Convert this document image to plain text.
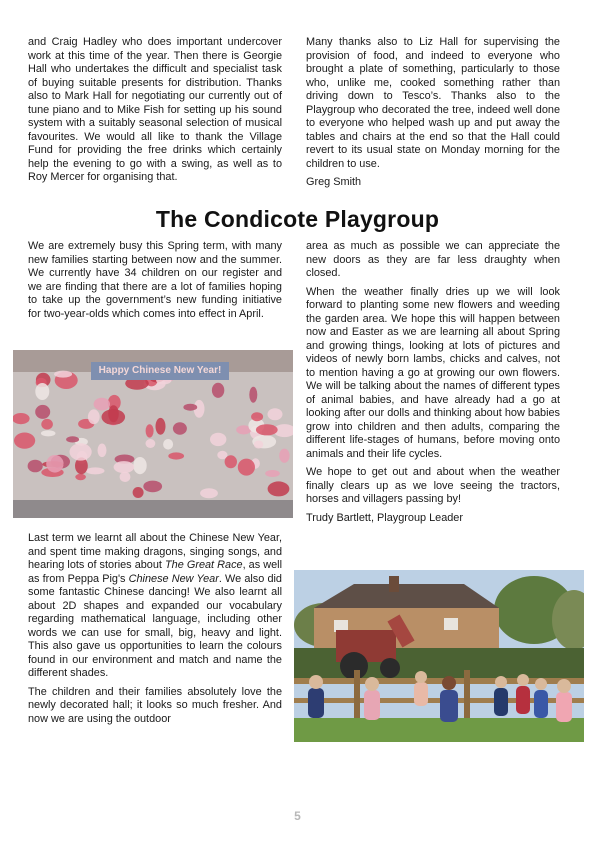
and Craig Hadley who does important undercover work at this time of the year. Then there is Georgie Hall who undertakes the difficult and specialist task of buying suitable presents for distribution. Thanks also to Mark Hall for negotiating our currently out of tune piano and to Mike Fish for setting up his sound system with a suitably seasonal selection of musical favourites. We would all like to thank the Village Fund for providing the free drinks which certainly help the evening to go with a swing, as well as to Roy Mercer for organising that.

Many thanks also to Liz Hall for supervising the provision of food, and indeed to everyone who brought a plate of something, particularly to those who, unlike me, cooked something rather than driving down to Tesco’s. Thanks also to the Playgroup who decorated the tree, indeed well done to everyone who helped wash up and put away the tables and chairs at the end so that the Hall could revert to its usual state on Monday morning for the children to use.

Greg Smith

The Condicote Playgroup

We are extremely busy this Spring term, with many new families starting between now and the summer. We currently have 34 children on our register and we are finding that there are a lot of families hoping to take up the government’s new funding initiative for two-year-olds which comes into effect in April.

Happy Chinese New Year!

Last term we learnt all about the Chinese New Year, and spent time making dragons, singing songs, and hearing lots of stories about The Great Race, as well as from Peppa Pig's Chinese New Year. We also did some fantastic Chinese dancing! We also learnt all about 2D shapes and expanded our vocabulary regarding mathematical language, including other words we can use for small, big, heavy and light. This also gave us opportunities to learn the colours found in our environment and match and name the different shades.

The children and their families absolutely love the newly decorated hall; it looks so much fresher. And now we are using the outdoor

area as much as possible we can appreciate the new doors as they are far less draughty when closed.

When the weather finally dries up we will look forward to planting some new flowers and weeding the garden area. We hope this will happen between now and Easter as we are learning all about Spring and growing things, looking at lots of pictures and videos of newly born lambs, chicks and calves, not to mention having a go at growing our own flowers. We will be talking about the names of different types of animal babies, and have already had a go at looking after our dolls and thinking about how babies grow into children and then adults, comparing the different life-stages of humans, before moving onto animals and their life cycles.

We hope to get out and about when the weather finally clears up as we love seeing the tractors, horses and villagers passing by!

Trudy Bartlett, Playgroup Leader

5
